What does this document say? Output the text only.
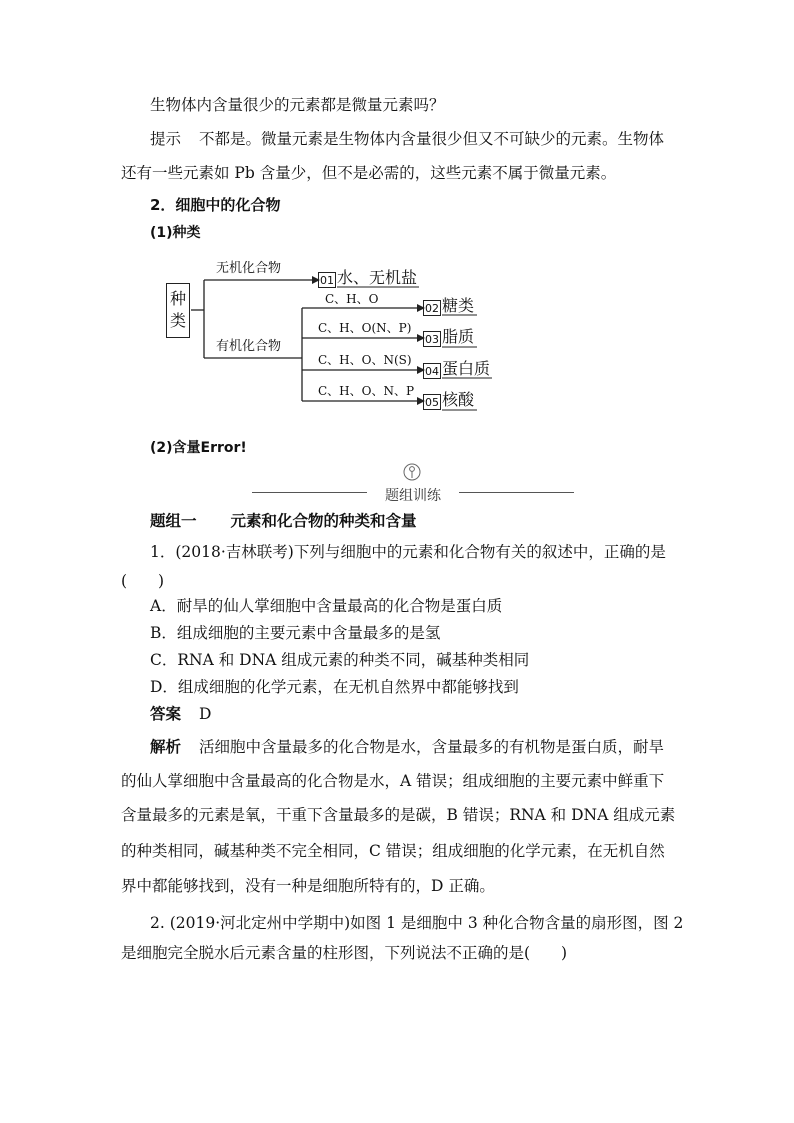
生物体内含量很少的元素都是微量元素吗？
提示 不都是。微量元素是生物体内含量很少但又不可缺少的元素。生物体
还有一些元素如 Pb 含量少，但不是必需的，这些元素不属于微量元素。
2．细胞中的化合物
(1)种类
种类
无机化合物
有机化合物
C、H、O
C、H、O(N、P)
C、H、O、N(S)
C、H、O、N、P
01 水、无机盐
02 糖类
03 脂质
04 蛋白质
05 核酸
(2)含量Error!
题组训练
题组一 元素和化合物的种类和含量
1．(2018·吉林联考)下列与细胞中的元素和化合物有关的叙述中，正确的是
(　　)
A．耐旱的仙人掌细胞中含量最高的化合物是蛋白质
B．组成细胞的主要元素中含量最多的是氢
C．RNA 和 DNA 组成元素的种类不同，碱基种类相同
D．组成细胞的化学元素，在无机自然界中都能够找到
答案 D
解析 活细胞中含量最多的化合物是水，含量最多的有机物是蛋白质，耐旱
的仙人掌细胞中含量最高的化合物是水，A 错误；组成细胞的主要元素中鲜重下
含量最多的元素是氧，干重下含量最多的是碳，B 错误；RNA 和 DNA 组成元素
的种类相同，碱基种类不完全相同，C 错误；组成细胞的化学元素，在无机自然
界中都能够找到，没有一种是细胞所特有的，D 正确。
2. (2019·河北定州中学期中)如图 1 是细胞中 3 种化合物含量的扇形图，图 2
是细胞完全脱水后元素含量的柱形图，下列说法不正确的是(　　)
